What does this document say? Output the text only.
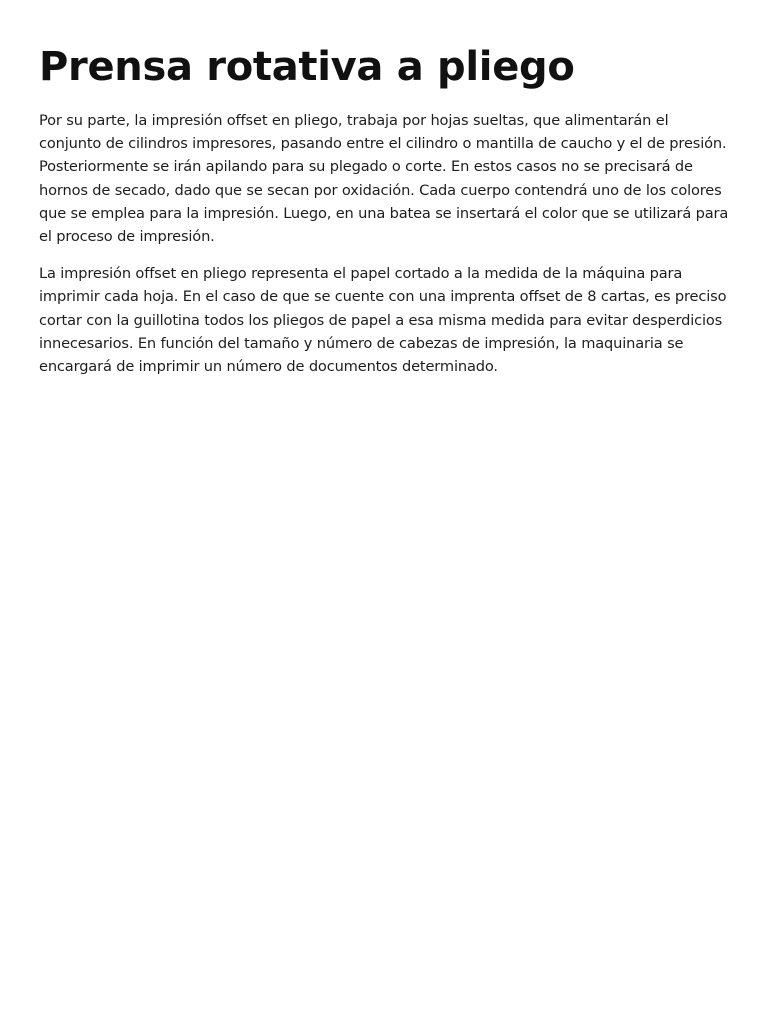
Prensa rotativa a pliego

Por su parte, la impresión offset en pliego, trabaja por hojas sueltas, que alimentarán el conjunto de cilindros impresores, pasando entre el cilindro o mantilla de caucho y el de presión. Posteriormente se irán apilando para su plegado o corte. En estos casos no se precisará de hornos de secado, dado que se secan por oxidación. Cada cuerpo contendrá uno de los colores que se emplea para la impresión. Luego, en una batea se insertará el color que se utilizará para el proceso de impresión.

La impresión offset en pliego representa el papel cortado a la medida de la máquina para imprimir cada hoja. En el caso de que se cuente con una imprenta offset de 8 cartas, es preciso cortar con la guillotina todos los pliegos de papel a esa misma medida para evitar desperdicios innecesarios. En función del tamaño y número de cabezas de impresión, la maquinaria se encargará de imprimir un número de documentos determinado.
